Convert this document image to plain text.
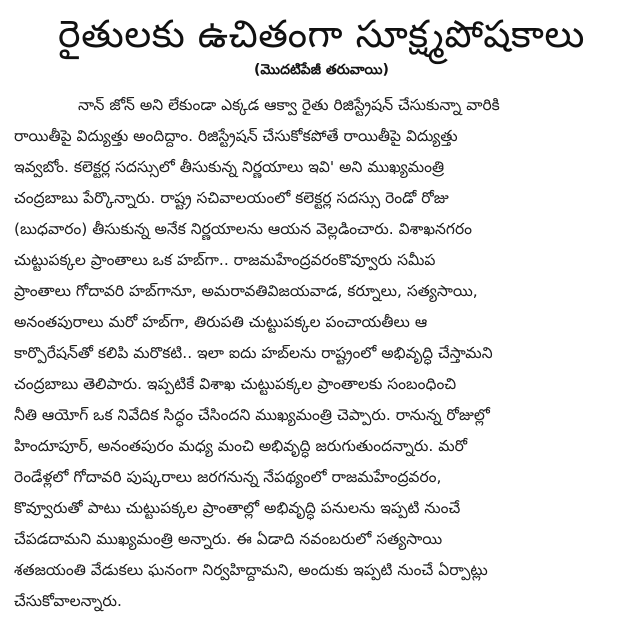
రైతులకు ఉచితంగా సూక్ష్మపోషకాలు
(మొదటిపేజీ తరువాయి)
నాన్ జోన్ అని లేకుండా ఎక్కడ ఆక్వా రైతు రిజిస్ట్రేషన్ చేసుకున్నా వారికి
రాయితీపై విద్యుత్తు అందిద్దాం. రిజిస్ట్రేషన్ చేసుకోకపోతే రాయితీపై విద్యుత్తు
ఇవ్వబోం. కలెక్టర్ల సదస్సులో తీసుకున్న నిర్ణయాలు ఇవి' అని ముఖ్యమంత్రి
చంద్రబాబు పేర్కొన్నారు. రాష్ట్ర సచివాలయంలో కలెక్టర్ల సదస్సు రెండో రోజు
(బుధవారం) తీసుకున్న అనేక నిర్ణయాలను ఆయన వెల్లడించారు. విశాఖనగరం
చుట్టుపక్కల ప్రాంతాలు ఒక హబ్‌గా.. రాజమహేంద్రవరంకొవ్వూరు సమీప
ప్రాంతాలు గోదావరి హబ్‌గానూ, అమరావతివిజయవాడ, కర్నూలు, సత్యసాయి,
అనంతపురాలు మరో హబ్‌గా, తిరుపతి చుట్టుపక్కల పంచాయతీలు ఆ
కార్పొరేషన్‌తో కలిపి మరొకటి.. ఇలా ఐదు హబ్‌లను రాష్ట్రంలో అభివృద్ధి చేస్తామని
చంద్రబాబు తెలిపారు. ఇప్పటికే విశాఖ చుట్టుపక్కల ప్రాంతాలకు సంబంధించి
నీతి ఆయోగ్ ఒక నివేదిక సిద్ధం చేసిందని ముఖ్యమంత్రి చెప్పారు. రానున్న రోజుల్లో
హిందూపూర్, అనంతపురం మధ్య మంచి అభివృద్ధి జరుగుతుందన్నారు. మరో
రెండేళ్లలో గోదావరి పుష్కరాలు జరగనున్న నేపథ్యంలో రాజమహేంద్రవరం,
కొవ్వూరుతో పాటు చుట్టుపక్కల ప్రాంతాల్లో అభివృద్ధి పనులను ఇప్పటి నుంచే
చేపడదామని ముఖ్యమంత్రి అన్నారు. ఈ ఏడాది నవంబరులో సత్యసాయి
శతజయంతి వేడుకలు ఘనంగా నిర్వహిద్దామని, అందుకు ఇప్పటి నుంచే ఏర్పాట్లు
చేసుకోవాలన్నారు.
